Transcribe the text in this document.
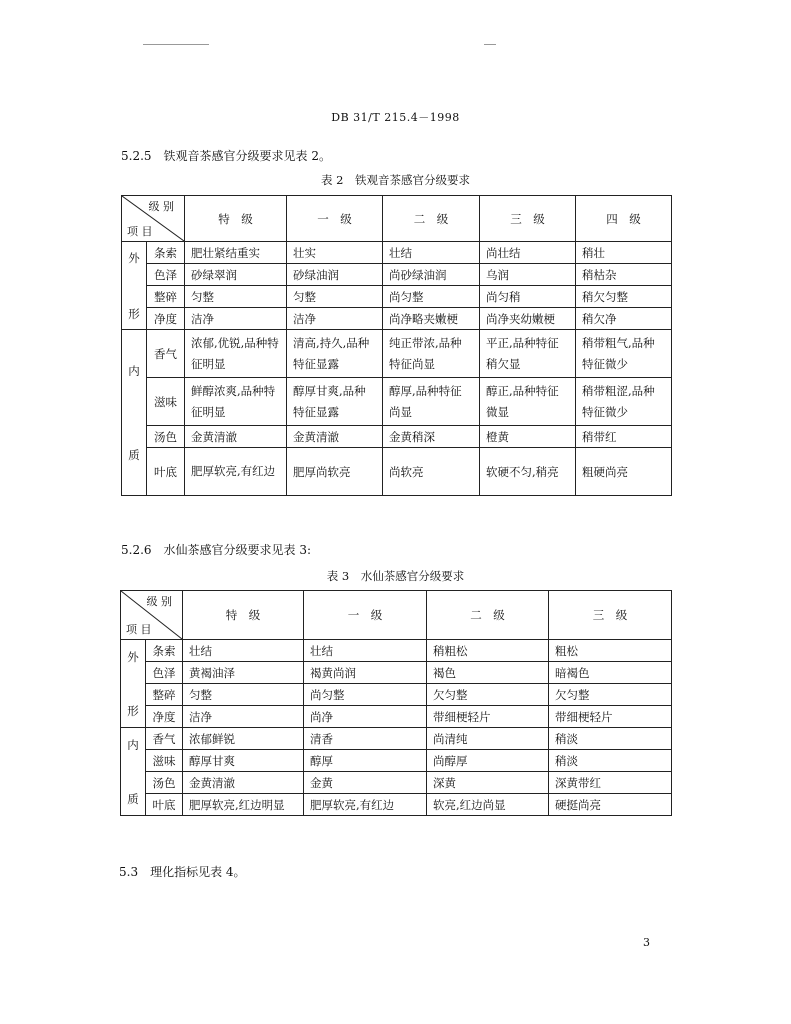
DB 31/T 215.4－1998
5.2.5　铁观音茶感官分级要求见表 2。
表 2　铁观音茶感官分级要求
级 别
项 目		特　级	一　级	二　级	三　级	四　级

外
形	条索	肥壮紧结重实	壮实	壮结	尚壮结	稍壮
	色泽	砂绿翠润	砂绿油润	尚砂绿油润	乌润	稍枯杂
	整碎	匀整	匀整	尚匀整	尚匀稍	稍欠匀整
	净度	洁净	洁净	尚净略夹嫩梗	尚净夹幼嫩梗	稍欠净

内
质	香气	浓郁,优锐,品种特征明显	清高,持久,品种特征显露	纯正带浓,品种特征尚显	平正,品种特征稍欠显	稍带粗气,品种特征微少
	滋味	鲜醇浓爽,品种特征明显	醇厚甘爽,品种特征显露	醇厚,品种特征尚显	醇正,品种特征微显	稍带粗涩,品种特征微少
	汤色	金黄清澈	金黄清澈	金黄稍深	橙黄	稍带红
	叶底	肥厚软亮,有红边	肥厚尚软亮	尚软亮	软硬不匀,稍亮	粗硬尚亮
5.2.6　水仙茶感官分级要求见表 3:
表 3　水仙茶感官分级要求
级 别
项 目		特　级	一　级	二　级	三　级

外
形	条索	壮结	壮结	稍粗松	粗松
	色泽	黄褐油泽	褐黄尚润	褐色	暗褐色
	整碎	匀整	尚匀整	欠匀整	欠匀整
	净度	洁净	尚净	带细梗轻片	带细梗轻片

内
质	香气	浓郁鲜锐	清香	尚清纯	稍淡
	滋味	醇厚甘爽	醇厚	尚醇厚	稍淡
	汤色	金黄清澈	金黄	深黄	深黄带红
	叶底	肥厚软亮,红边明显	肥厚软亮,有红边	软亮,红边尚显	硬挺尚亮
5.3　理化指标见表 4。
3
